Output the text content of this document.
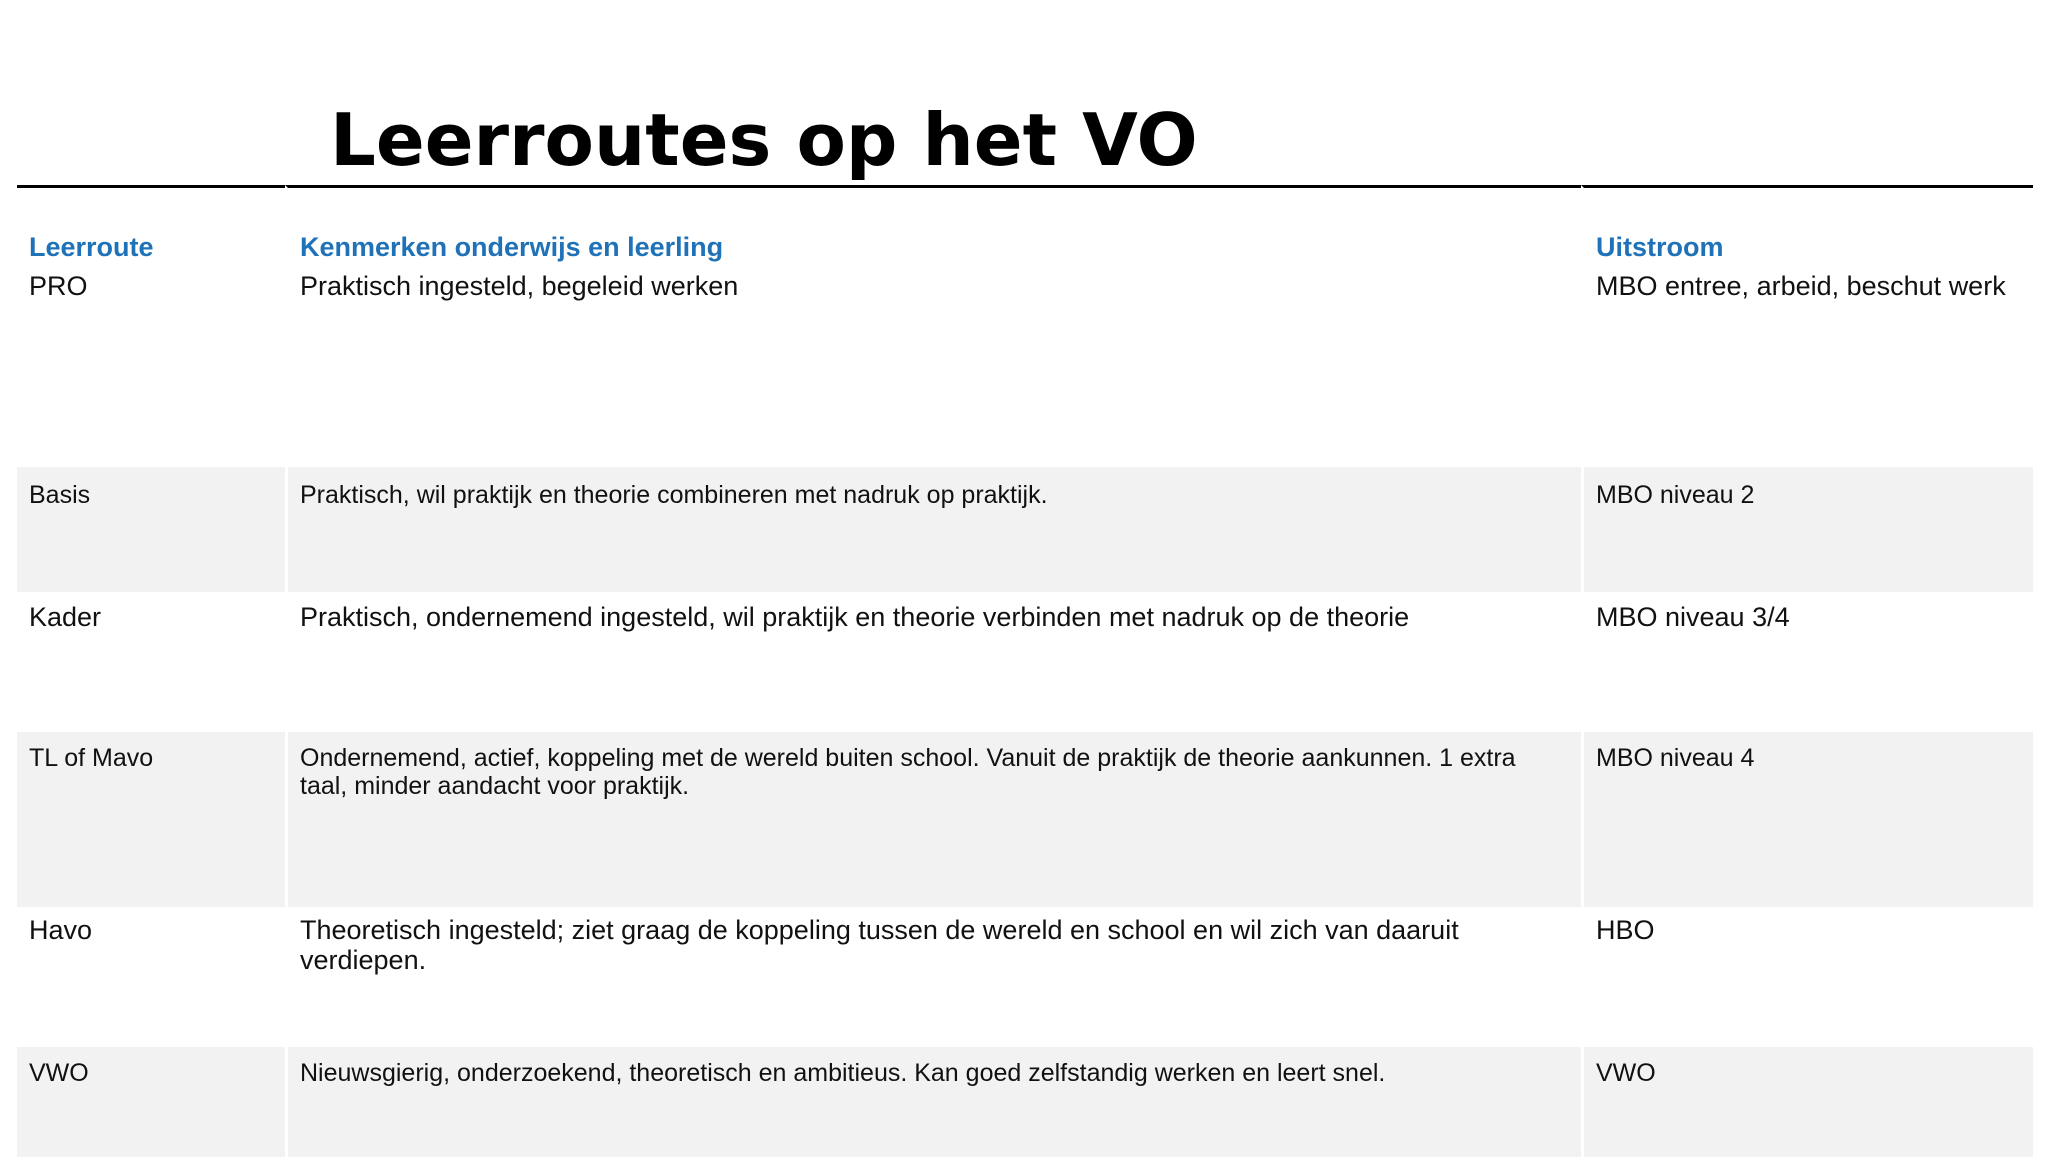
Leerroutes op het VO
Leerroute	Kenmerken onderwijs en leerling	Uitstroom
PRO	Praktisch ingesteld, begeleid werken	MBO entree, arbeid, beschut werk
Basis	Praktisch, wil praktijk en theorie combineren met nadruk op praktijk.	MBO niveau 2
Kader	Praktisch, ondernemend ingesteld, wil praktijk en theorie verbinden met nadruk op de theorie	MBO niveau 3/4
TL of Mavo	Ondernemend, actief, koppeling met de wereld buiten school. Vanuit de praktijk de theorie aankunnen. 1 extra taal, minder aandacht voor praktijk.	MBO niveau 4
Havo	Theoretisch ingesteld; ziet graag de koppeling tussen de wereld en school en wil zich van daaruit verdiepen.	HBO
VWO	Nieuwsgierig, onderzoekend, theoretisch en ambitieus. Kan goed zelfstandig werken en leert snel.	VWO
